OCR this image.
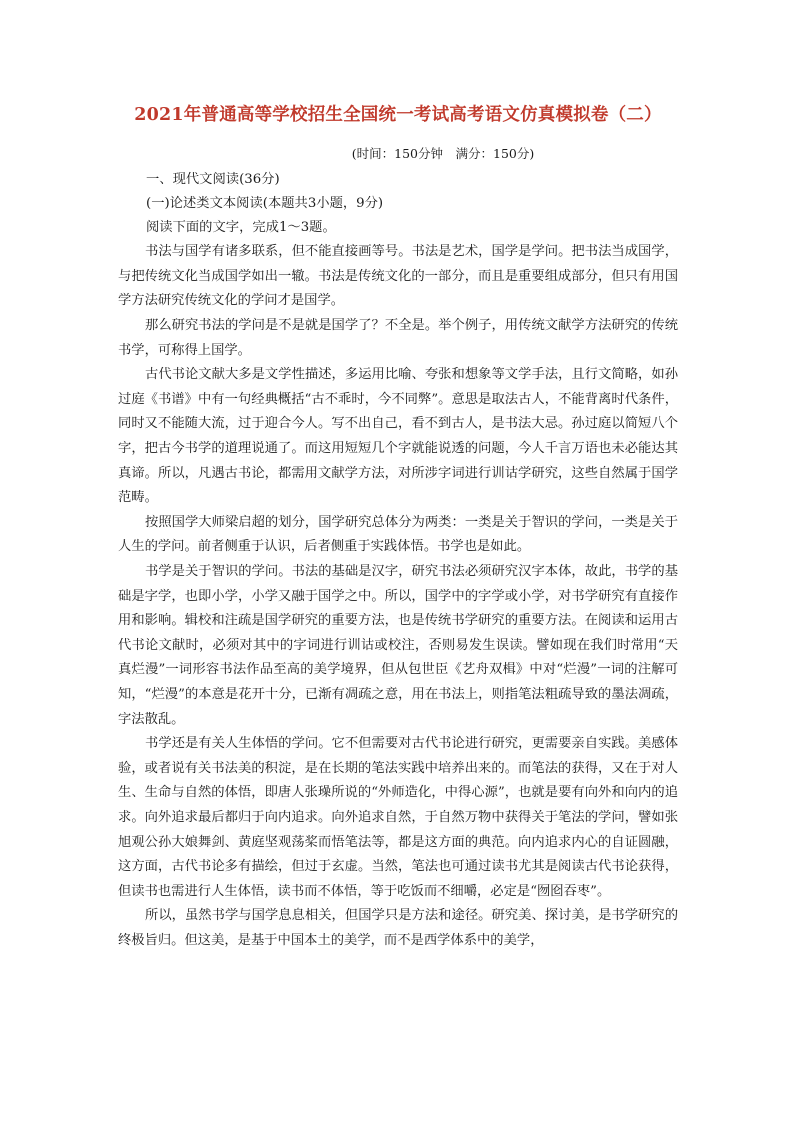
2021年普通高等学校招生全国统一考试高考语文仿真模拟卷（二）
(时间：150分钟　满分：150分)
一、现代文阅读(36分)
(一)论述类文本阅读(本题共3小题，9分)
阅读下面的文字，完成1～3题。

书法与国学有诸多联系，但不能直接画等号。书法是艺术，国学是学问。把书法当成国学，与把传统文化当成国学如出一辙。书法是传统文化的一部分，而且是重要组成部分，但只有用国学方法研究传统文化的学问才是国学。

那么研究书法的学问是不是就是国学了？不全是。举个例子，用传统文献学方法研究的传统书学，可称得上国学。

古代书论文献大多是文学性描述，多运用比喻、夸张和想象等文学手法，且行文简略，如孙过庭《书谱》中有一句经典概括“古不乖时，今不同弊”。意思是取法古人，不能背离时代条件，同时又不能随大流，过于迎合今人。写不出自己，看不到古人，是书法大忌。孙过庭以简短八个字，把古今书学的道理说通了。而这用短短几个字就能说透的问题，今人千言万语也未必能达其真谛。所以，凡遇古书论，都需用文献学方法，对所涉字词进行训诂学研究，这些自然属于国学范畴。

按照国学大师梁启超的划分，国学研究总体分为两类：一类是关于智识的学问，一类是关于人生的学问。前者侧重于认识，后者侧重于实践体悟。书学也是如此。

书学是关于智识的学问。书法的基础是汉字，研究书法必须研究汉字本体，故此，书学的基础是字学，也即小学，小学又融于国学之中。所以，国学中的字学或小学，对书学研究有直接作用和影响。辑校和注疏是国学研究的重要方法，也是传统书学研究的重要方法。在阅读和运用古代书论文献时，必须对其中的字词进行训诂或校注，否则易发生误读。譬如现在我们时常用“天真烂漫”一词形容书法作品至高的美学境界，但从包世臣《艺舟双楫》中对“烂漫”一词的注解可知，“烂漫”的本意是花开十分，已渐有凋疏之意，用在书法上，则指笔法粗疏导致的墨法凋疏，字法散乱。

书学还是有关人生体悟的学问。它不但需要对古代书论进行研究，更需要亲自实践。美感体验，或者说有关书法美的积淀，是在长期的笔法实践中培养出来的。而笔法的获得，又在于对人生、生命与自然的体悟，即唐人张璪所说的“外师造化，中得心源”，也就是要有向外和向内的追求。向外追求最后都归于向内追求。向外追求自然，于自然万物中获得关于笔法的学问，譬如张旭观公孙大娘舞剑、黄庭坚观荡桨而悟笔法等，都是这方面的典范。向内追求内心的自证圆融，这方面，古代书论多有描绘，但过于玄虚。当然，笔法也可通过读书尤其是阅读古代书论获得，但读书也需进行人生体悟，读书而不体悟，等于吃饭而不细嚼，必定是“囫囵吞枣”。

所以，虽然书学与国学息息相关，但国学只是方法和途径。研究美、探讨美，是书学研究的终极旨归。但这美，是基于中国本土的美学，而不是西学体系中的美学，
